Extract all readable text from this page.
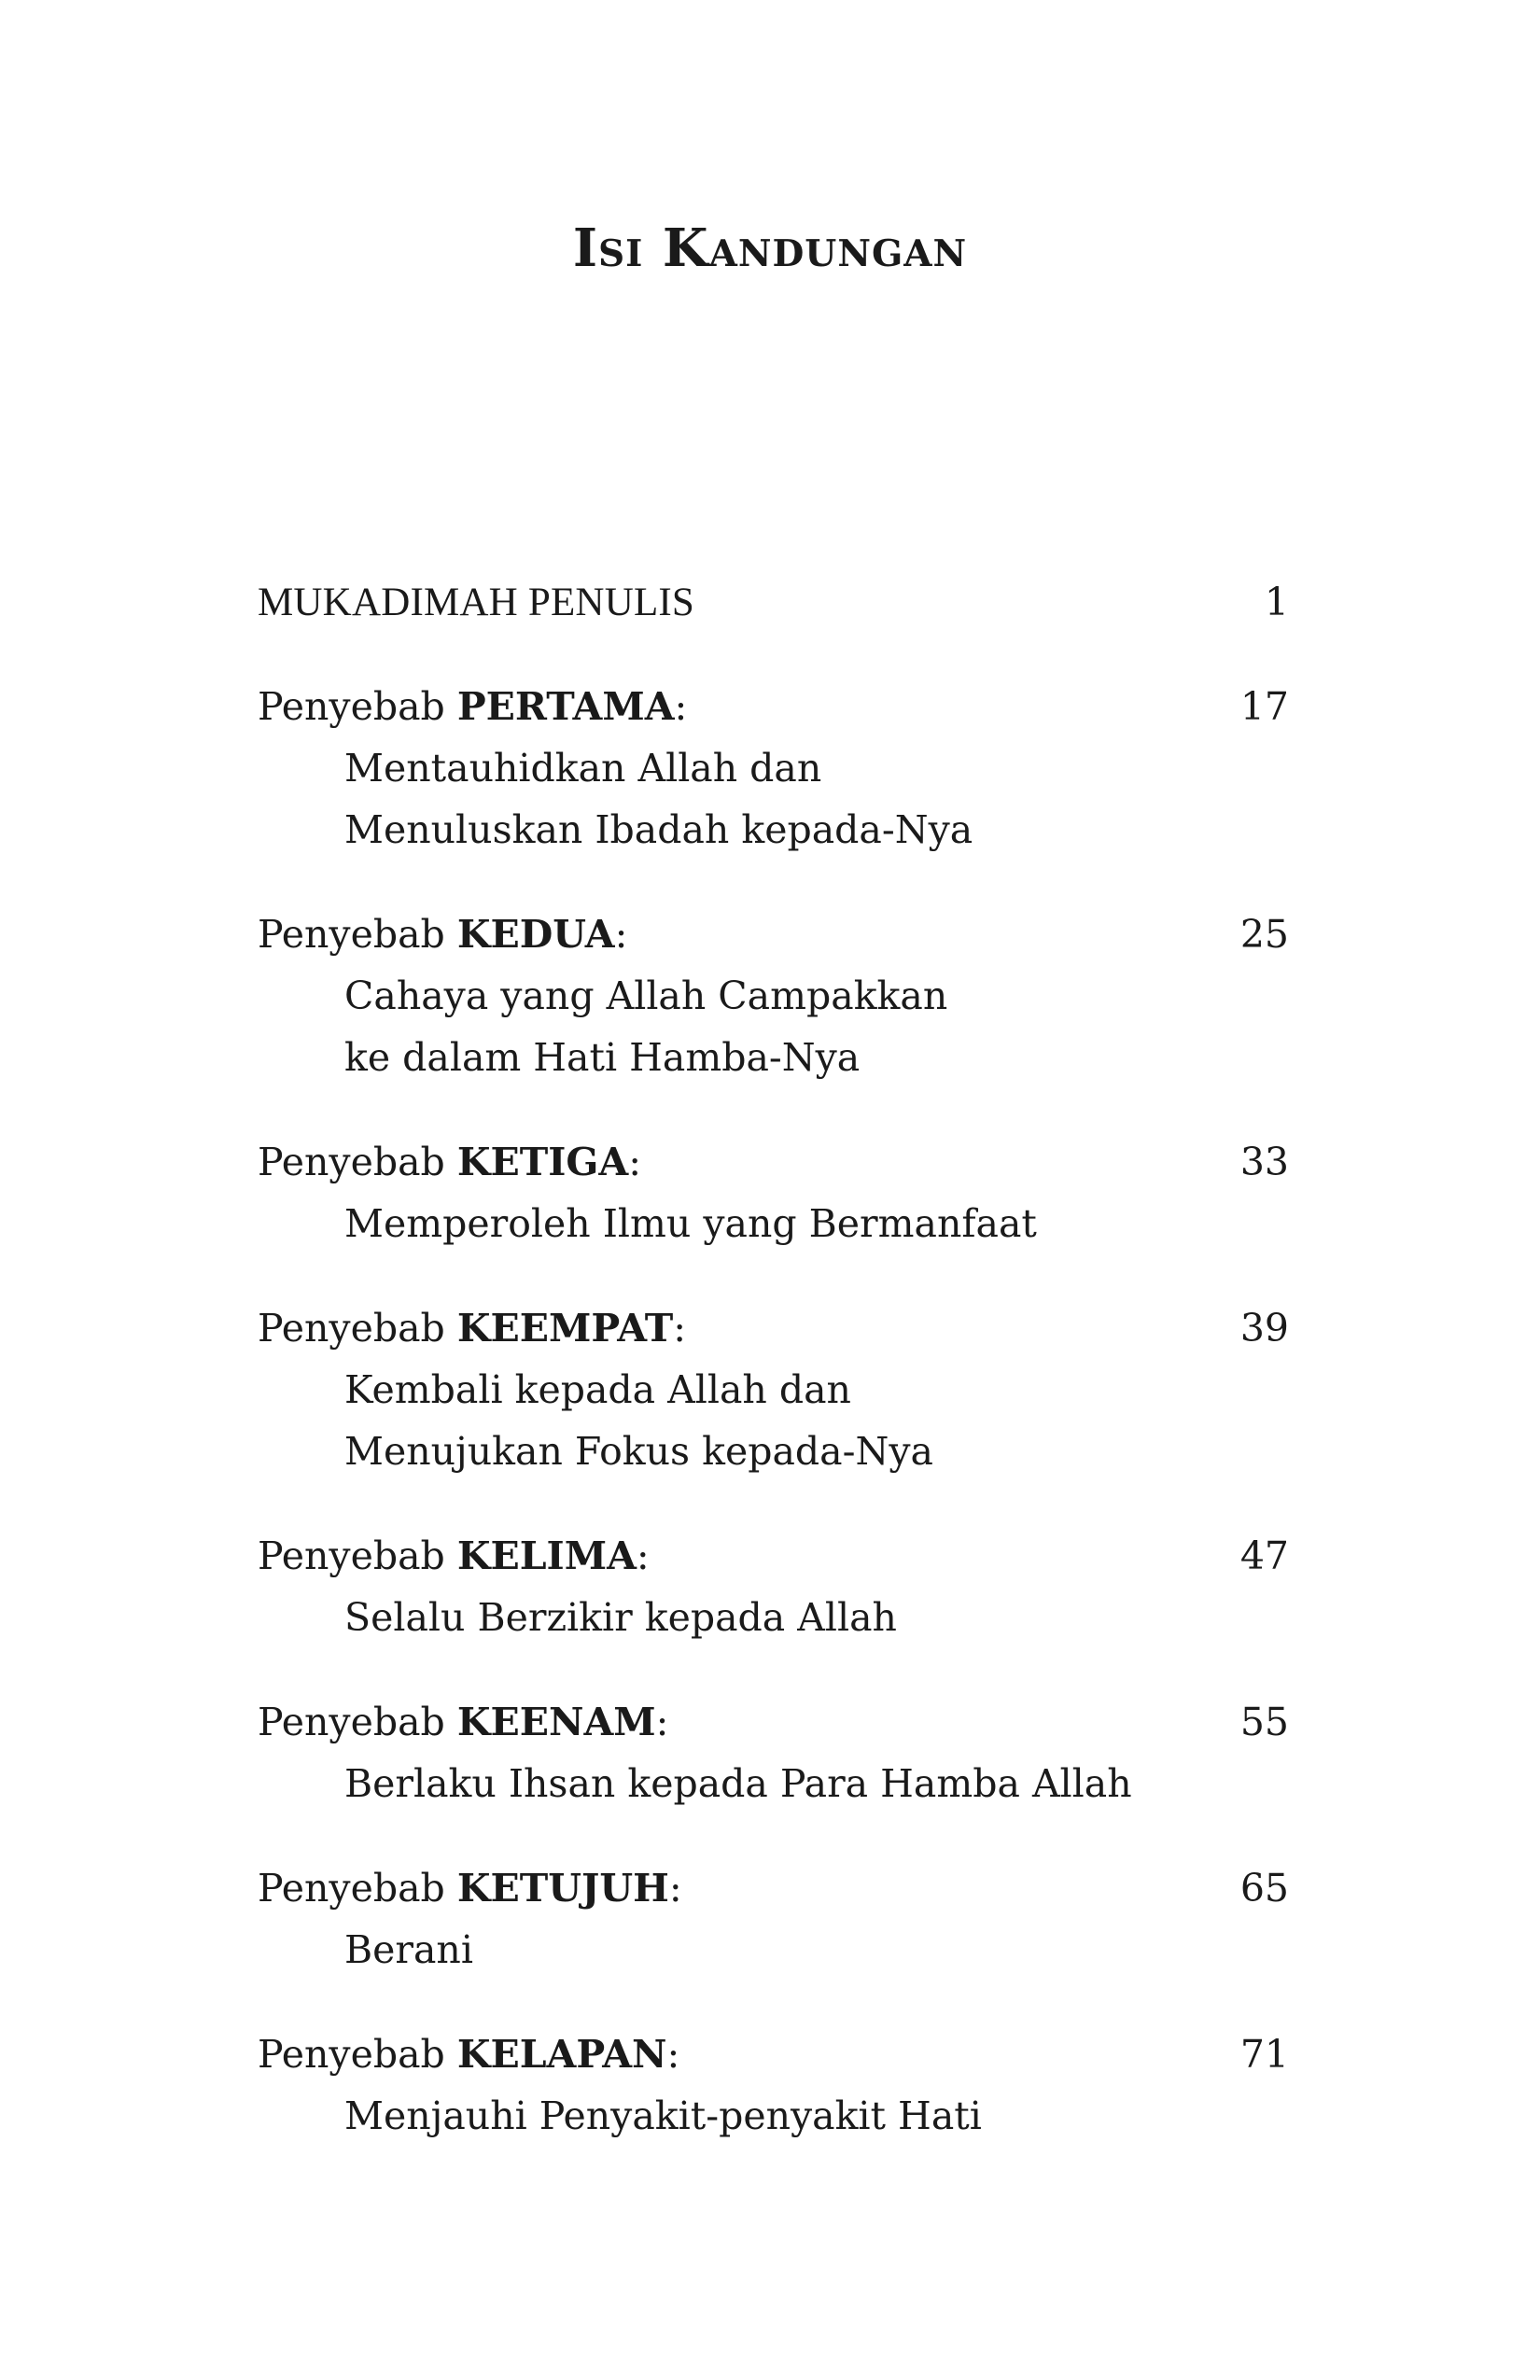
Isi Kandungan
MUKADIMAH PENULIS	1
Penyebab PERTAMA:	17
Mentauhidkan Allah dan
Menuluskan Ibadah kepada-Nya
Penyebab KEDUA:	25
Cahaya yang Allah Campakkan
ke dalam Hati Hamba-Nya
Penyebab KETIGA:	33
Memperoleh Ilmu yang Bermanfaat
Penyebab KEEMPAT:	39
Kembali kepada Allah dan
Menujukan Fokus kepada-Nya
Penyebab KELIMA:	47
Selalu Berzikir kepada Allah
Penyebab KEENAM:	55
Berlaku Ihsan kepada Para Hamba Allah
Penyebab KETUJUH:	65
Berani
Penyebab KELAPAN:	71
Menjauhi Penyakit-penyakit Hati
